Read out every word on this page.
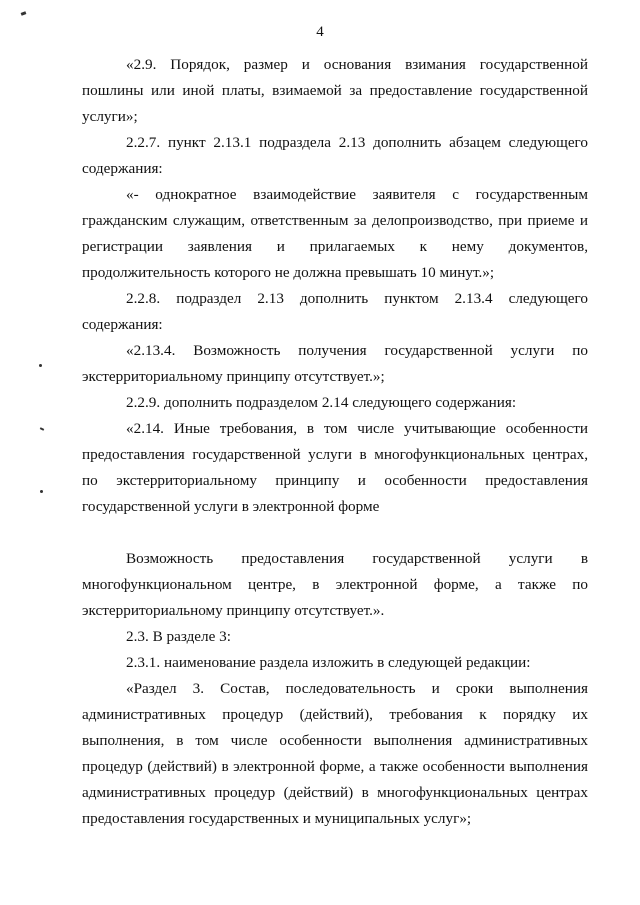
4

«2.9. Порядок, размер и основания взимания государственной пошлины или иной платы, взимаемой за предоставление государственной услуги»;

2.2.7. пункт 2.13.1 подраздела 2.13 дополнить абзацем следующего содержания:

«- однократное взаимодействие заявителя с государственным гражданским служащим, ответственным за делопроизводство, при приеме и регистрации заявления и прилагаемых к нему документов, продолжительность которого не должна превышать 10 минут.»;

2.2.8. подраздел 2.13 дополнить пунктом 2.13.4 следующего содержания:

«2.13.4. Возможность получения государственной услуги по экстерриториальному принципу отсутствует.»;

2.2.9. дополнить подразделом 2.14 следующего содержания:

«2.14. Иные требования, в том числе учитывающие особенности предоставления государственной услуги в многофункциональных центрах, по экстерриториальному принципу и особенности предоставления государственной услуги в электронной форме

Возможность предоставления государственной услуги в многофункциональном центре, в электронной форме, а также по экстерриториальному принципу отсутствует.».

2.3. В разделе 3:

2.3.1. наименование раздела изложить в следующей редакции:

«Раздел 3. Состав, последовательность и сроки выполнения административных процедур (действий), требования к порядку их выполнения, в том числе особенности выполнения административных процедур (действий) в электронной форме, а также особенности выполнения административных процедур (действий) в многофункциональных центрах предоставления государственных и муниципальных услуг»;
